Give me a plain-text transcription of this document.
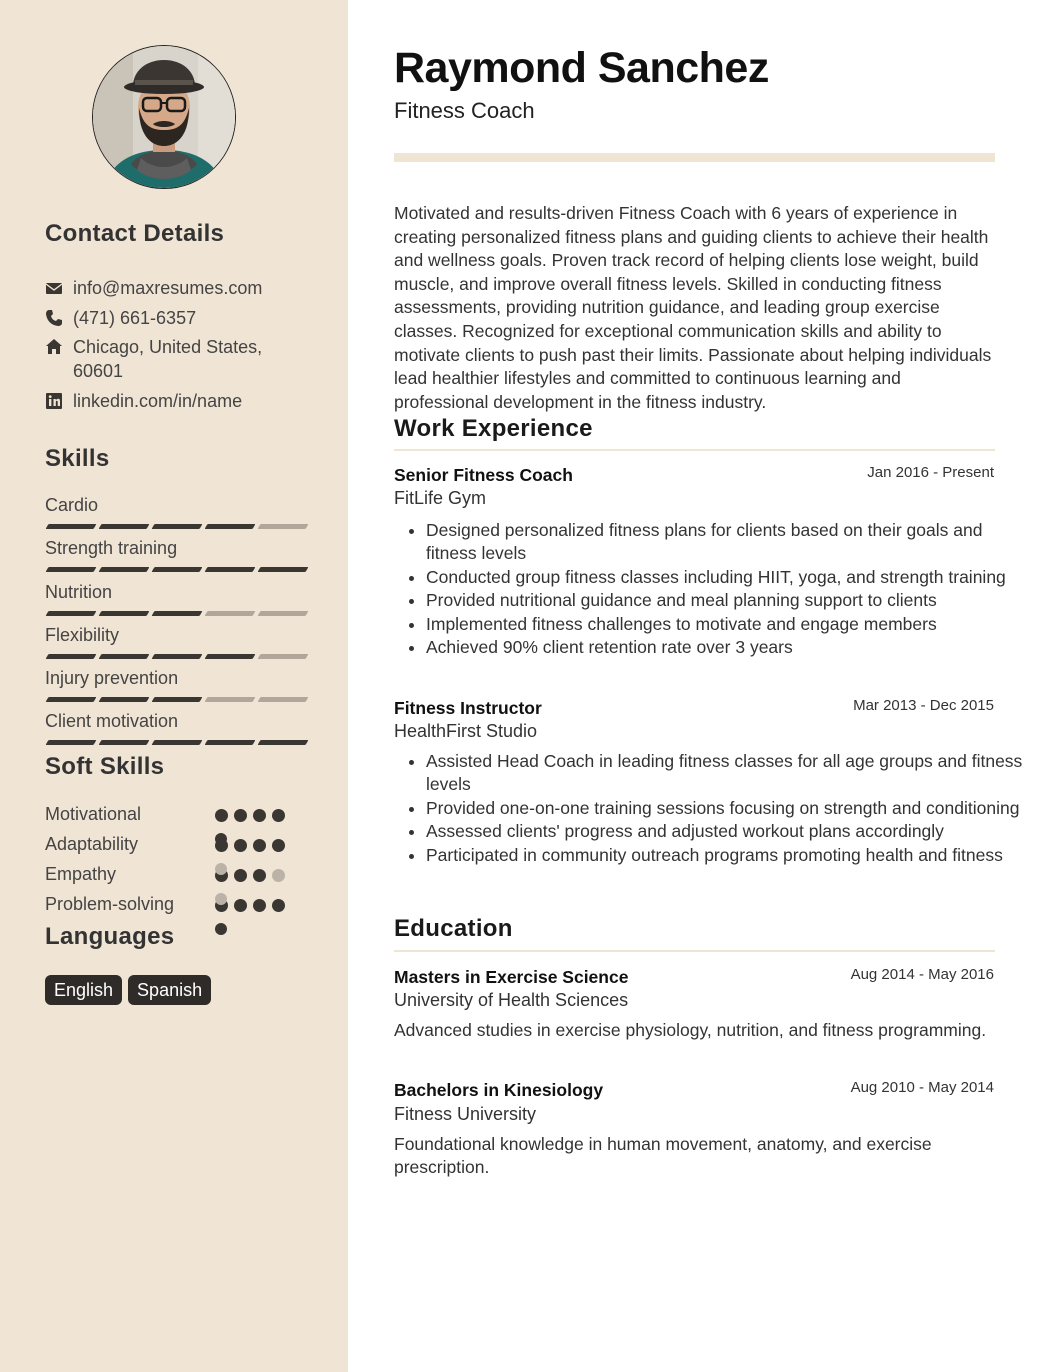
Contact Details
info@maxresumes.com
(471) 661-6357
Chicago, United States, 60601
linkedin.com/in/name
Skills
Cardio
Strength training
Nutrition
Flexibility
Injury prevention
Client motivation
Soft Skills
Motivational
Adaptability
Empathy
Problem-solving
Languages
English	Spanish
Raymond Sanchez
Fitness Coach

Motivated and results-driven Fitness Coach with 6 years of experience in creating personalized fitness plans and guiding clients to achieve their health and wellness goals. Proven track record of helping clients lose weight, build muscle, and improve overall fitness levels. Skilled in conducting fitness assessments, providing nutrition guidance, and leading group exercise classes. Recognized for exceptional communication skills and ability to motivate clients to push past their limits. Passionate about helping individuals lead healthier lifestyles and committed to continuous learning and professional development in the fitness industry.

Work Experience
Senior Fitness Coach	Jan 2016 - Present
FitLife Gym
• Designed personalized fitness plans for clients based on their goals and fitness levels
• Conducted group fitness classes including HIIT, yoga, and strength training
• Provided nutritional guidance and meal planning support to clients
• Implemented fitness challenges to motivate and engage members
• Achieved 90% client retention rate over 3 years
Fitness Instructor	Mar 2013 - Dec 2015
HealthFirst Studio
• Assisted Head Coach in leading fitness classes for all age groups and fitness levels
• Provided one-on-one training sessions focusing on strength and conditioning
• Assessed clients' progress and adjusted workout plans accordingly
• Participated in community outreach programs promoting health and fitness
Education
Masters in Exercise Science	Aug 2014 - May 2016
University of Health Sciences

Advanced studies in exercise physiology, nutrition, and fitness programming.

Bachelors in Kinesiology	Aug 2010 - May 2014
Fitness University

Foundational knowledge in human movement, anatomy, and exercise prescription.
